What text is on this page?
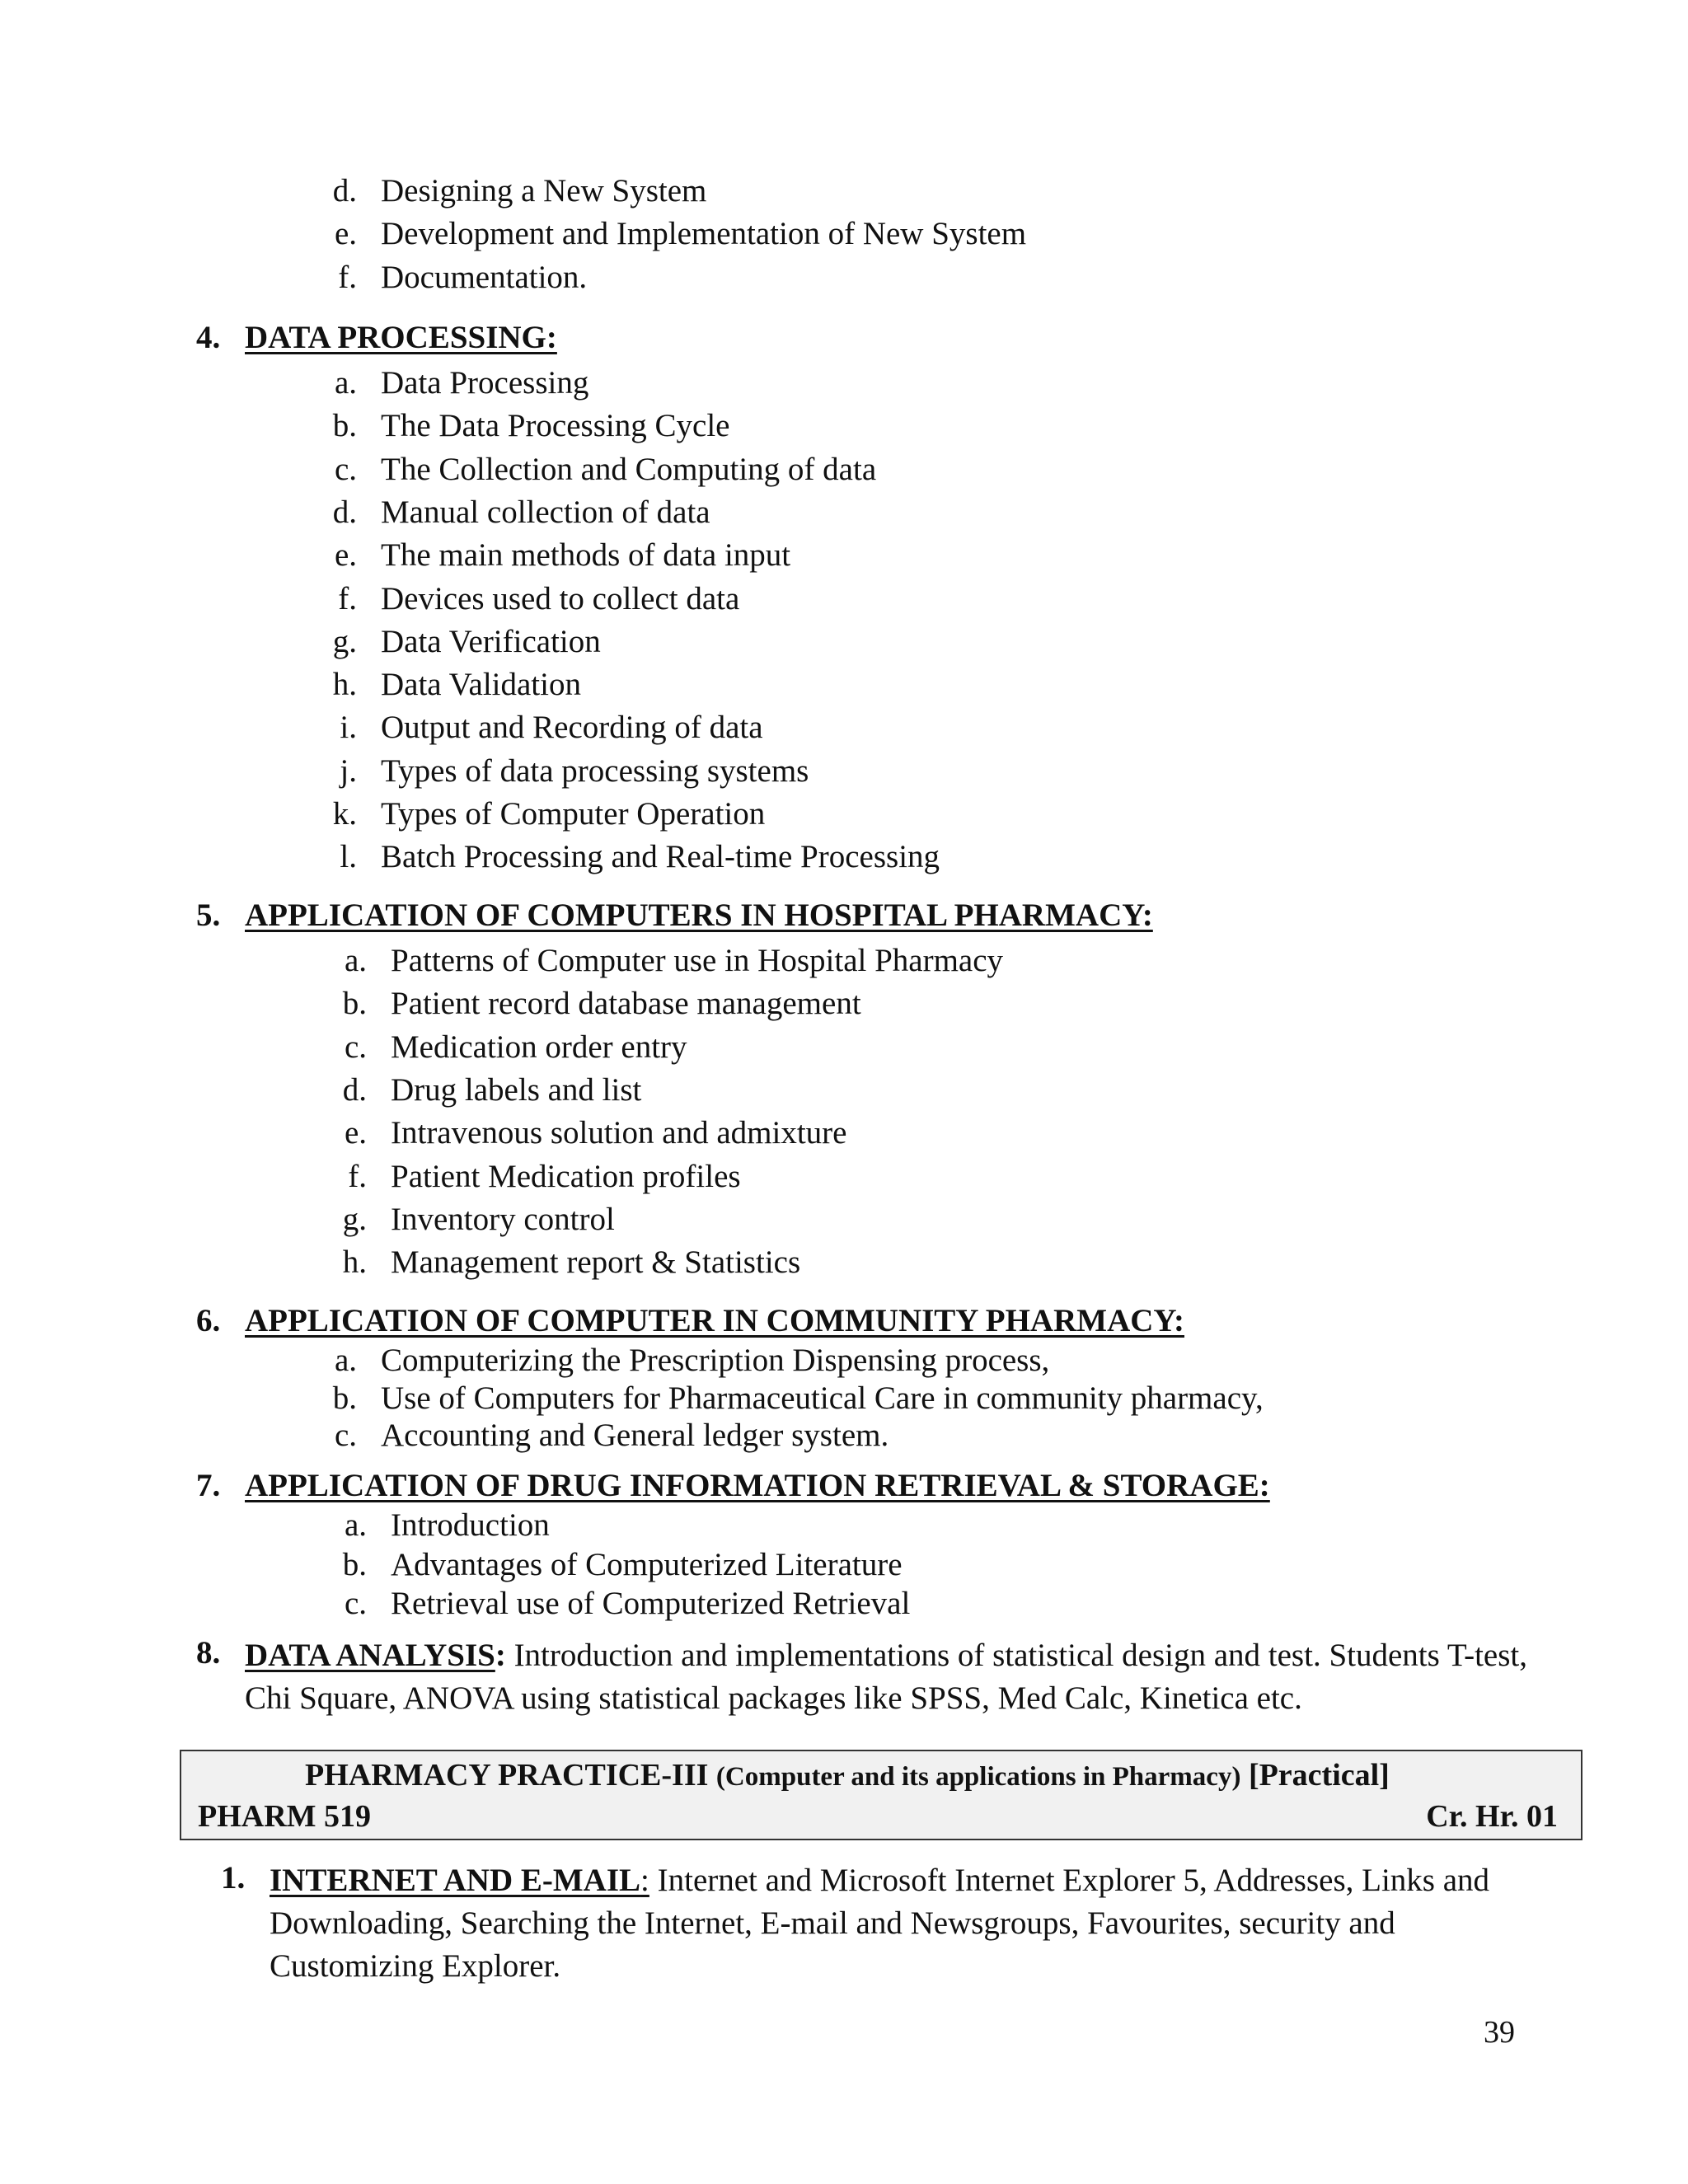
d. Designing a New System
e. Development and Implementation of New System
f. Documentation.
4. DATA PROCESSING:
a. Data Processing
b. The Data Processing Cycle
c. The Collection and Computing of data
d. Manual collection of data
e. The main methods of data input
f. Devices used to collect data
g. Data Verification
h. Data Validation
i. Output and Recording of data
j. Types of data processing systems
k. Types of Computer Operation
l. Batch Processing and Real-time Processing
5. APPLICATION OF COMPUTERS IN HOSPITAL PHARMACY:
a. Patterns of Computer use in Hospital Pharmacy
b. Patient record database management
c. Medication order entry
d. Drug labels and list
e. Intravenous solution and admixture
f. Patient Medication profiles
g. Inventory control
h. Management report & Statistics
6. APPLICATION OF COMPUTER IN COMMUNITY PHARMACY:
a. Computerizing the Prescription Dispensing process,
b. Use of Computers for Pharmaceutical Care in community pharmacy,
c. Accounting and General ledger system.
7. APPLICATION OF DRUG INFORMATION RETRIEVAL & STORAGE:
a. Introduction
b. Advantages of Computerized Literature
c. Retrieval use of Computerized Retrieval
8. DATA ANALYSIS: Introduction and implementations of statistical design and test. Students T-test, Chi Square, ANOVA using statistical packages like SPSS, Med Calc, Kinetica etc.
PHARMACY PRACTICE-III (Computer and its applications in Pharmacy) [Practical]
PHARM 519	Cr. Hr. 01
1. INTERNET AND E-MAIL: Internet and Microsoft Internet Explorer 5, Addresses, Links and Downloading, Searching the Internet, E-mail and Newsgroups, Favourites, security and Customizing Explorer.
39
